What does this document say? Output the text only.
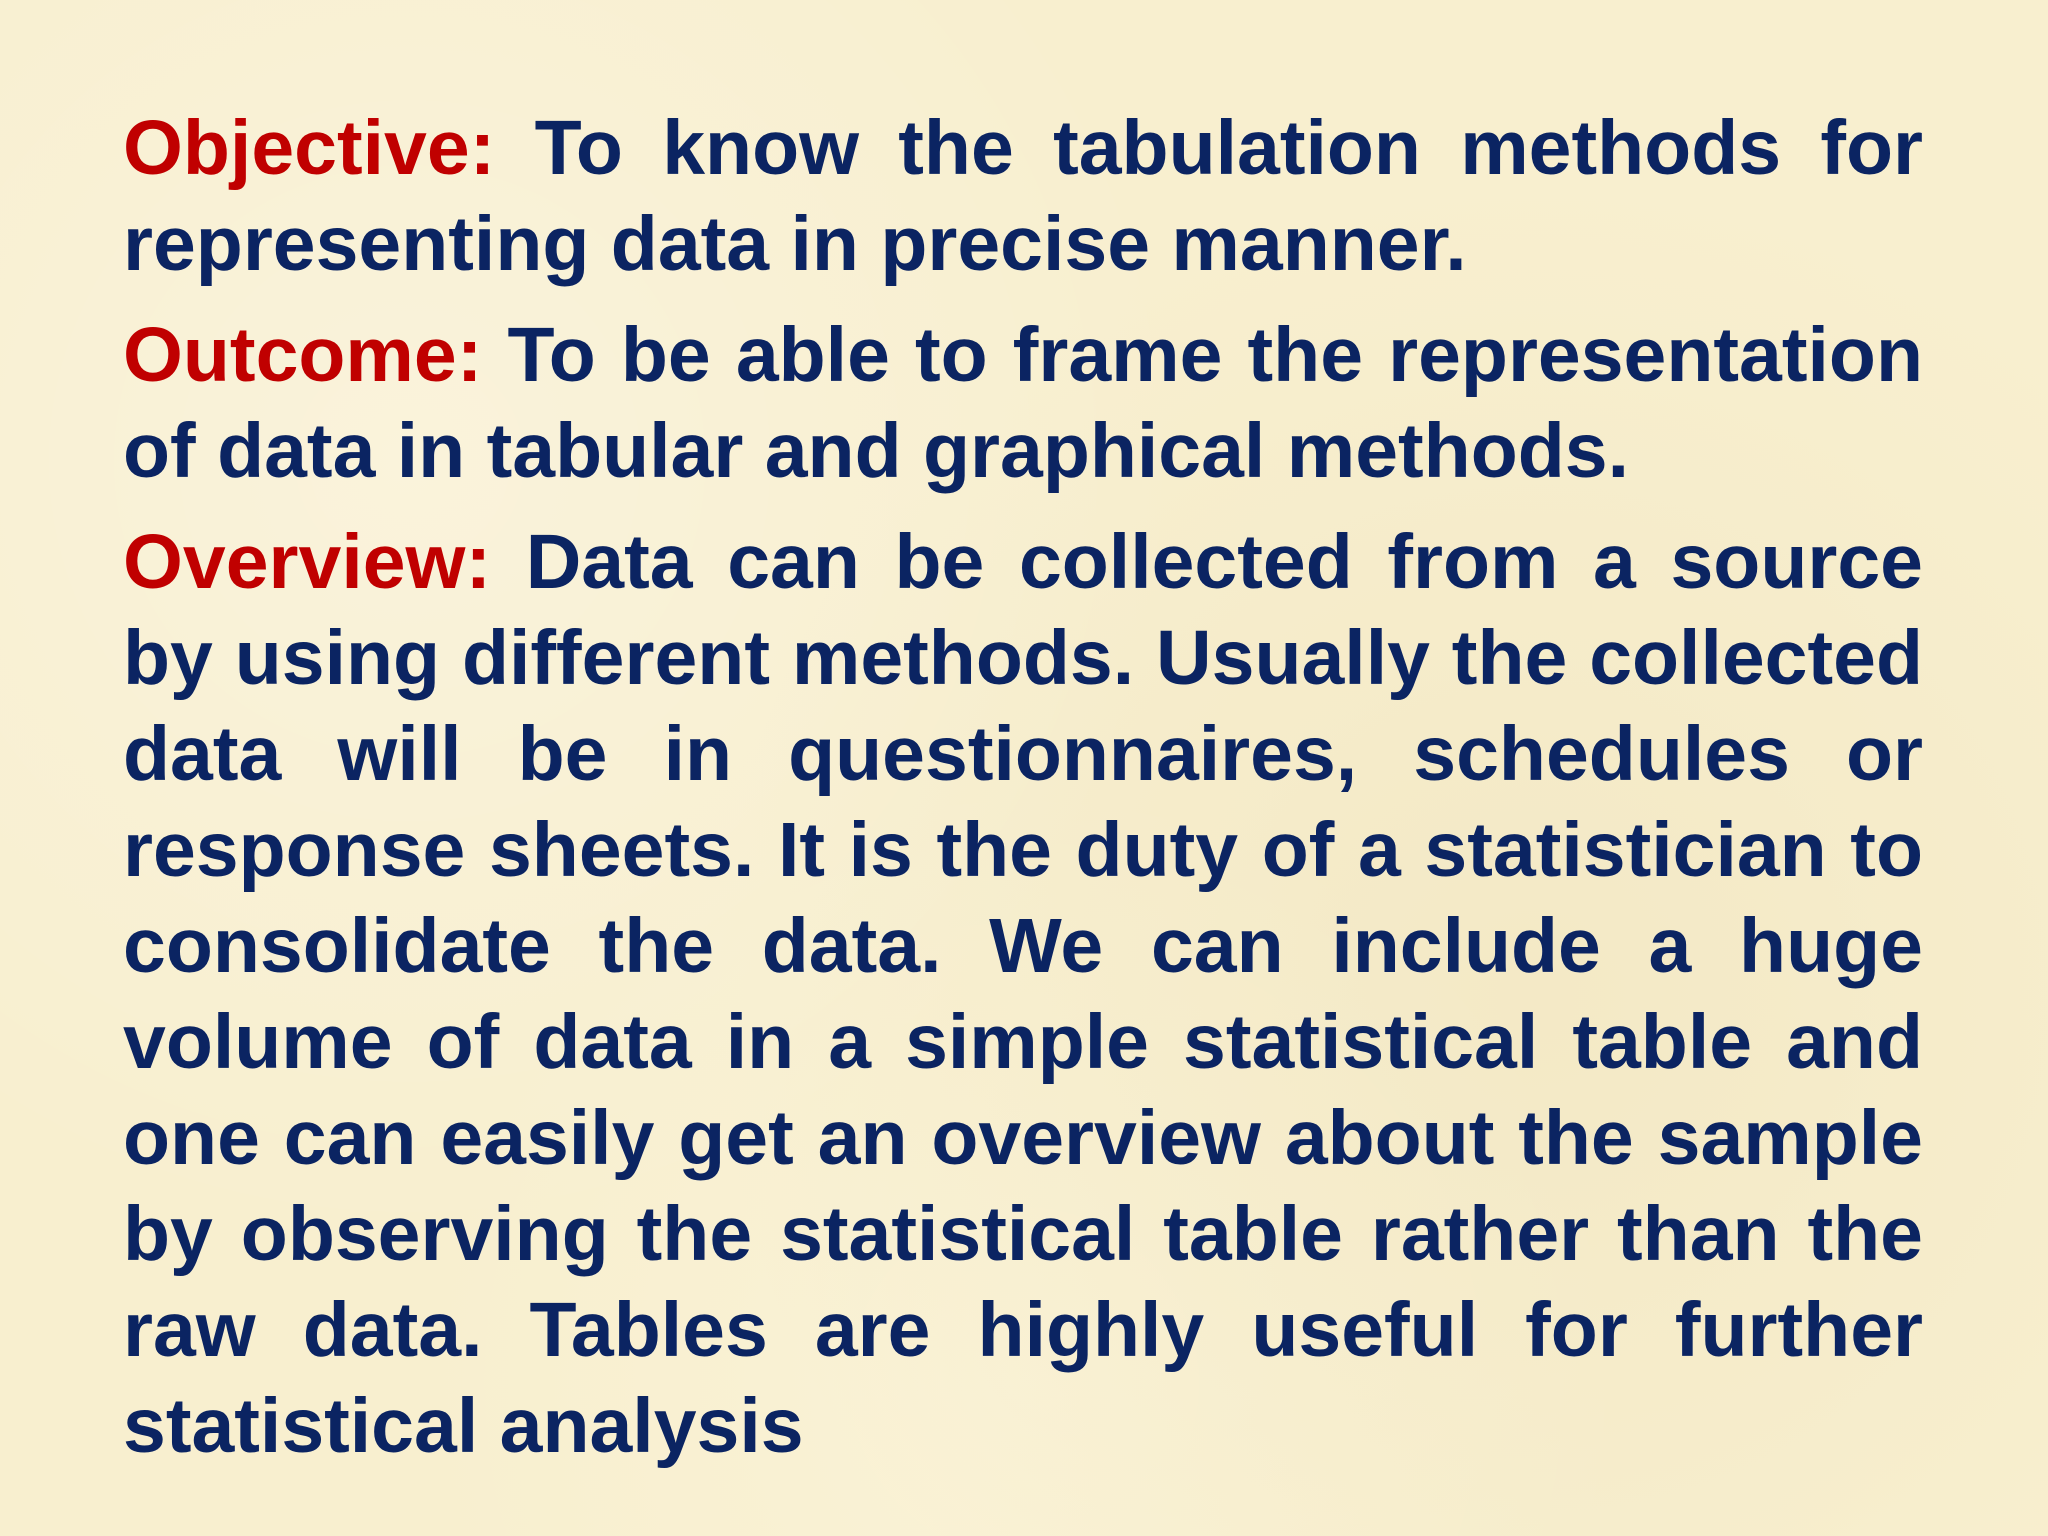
Objective: To know the tabulation methods for representing data in precise manner.

Outcome: To be able to frame the representation of data in tabular and graphical methods.

Overview: Data can be collected from a source by using different methods. Usually the collected data will be in questionnaires, schedules or response sheets. It is the duty of a statistician to consolidate the data. We can include a huge volume of data in a simple statistical table and one can easily get an overview about the sample by observing the statistical table rather than the raw data. Tables are highly useful for further statistical analysis
